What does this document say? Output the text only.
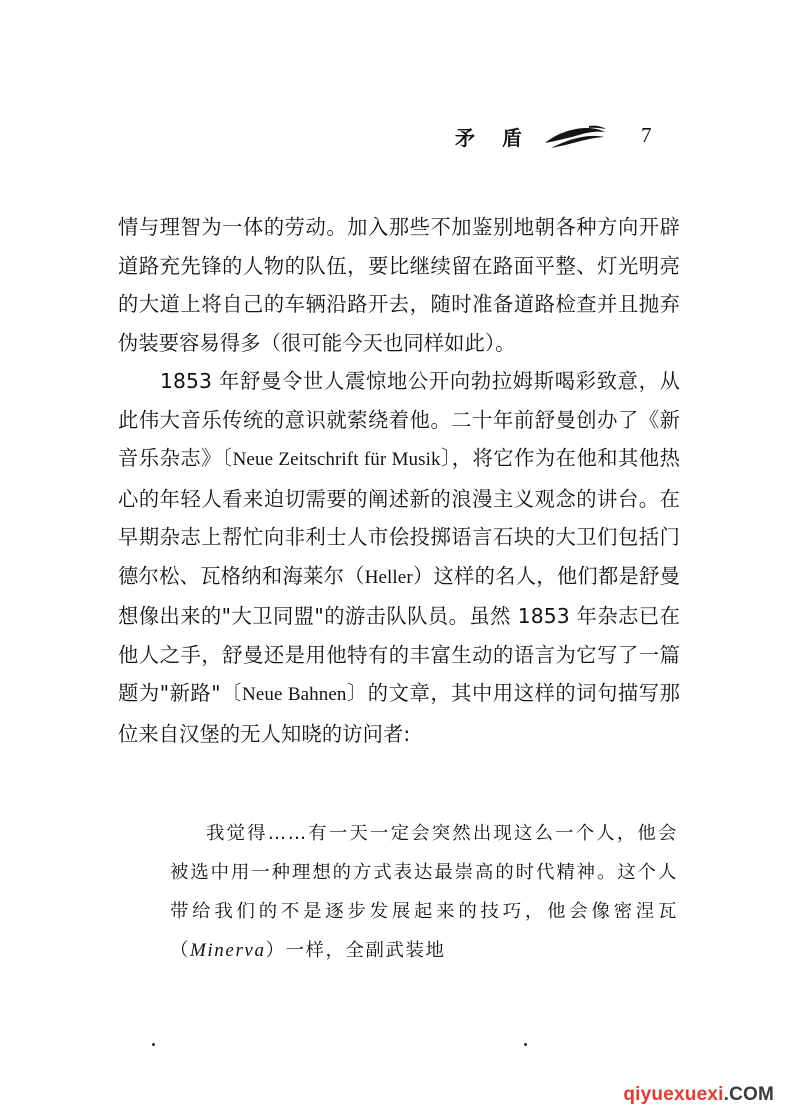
矛 盾	7

情与理智为一体的劳动。加入那些不加鉴别地朝各种方向开辟道路充先锋的人物的队伍，要比继续留在路面平整、灯光明亮的大道上将自己的车辆沿路开去，随时准备道路检查并且抛弃伪装要容易得多（很可能今天也同样如此）。

1853 年舒曼令世人震惊地公开向勃拉姆斯喝彩致意，从此伟大音乐传统的意识就萦绕着他。二十年前舒曼创办了《新音乐杂志》〔Neue Zeitschrift für Musik〕，将它作为在他和其他热心的年轻人看来迫切需要的阐述新的浪漫主义观念的讲台。在早期杂志上帮忙向非利士人市侩投掷语言石块的大卫们包括门德尔松、瓦格纳和海莱尔（Heller）这样的名人，他们都是舒曼想像出来的"大卫同盟"的游击队队员。虽然 1853 年杂志已在他人之手，舒曼还是用他特有的丰富生动的语言为它写了一篇题为"新路"〔Neue Bahnen〕的文章，其中用这样的词句描写那位来自汉堡的无人知晓的访问者:

我觉得……有一天一定会突然出现这么一个人，他会被选中用一种理想的方式表达最崇高的时代精神。这个人带给我们的不是逐步发展起来的技巧，他会像密涅瓦（Minerva）一样，全副武装地

qiyuexuexi.COM
